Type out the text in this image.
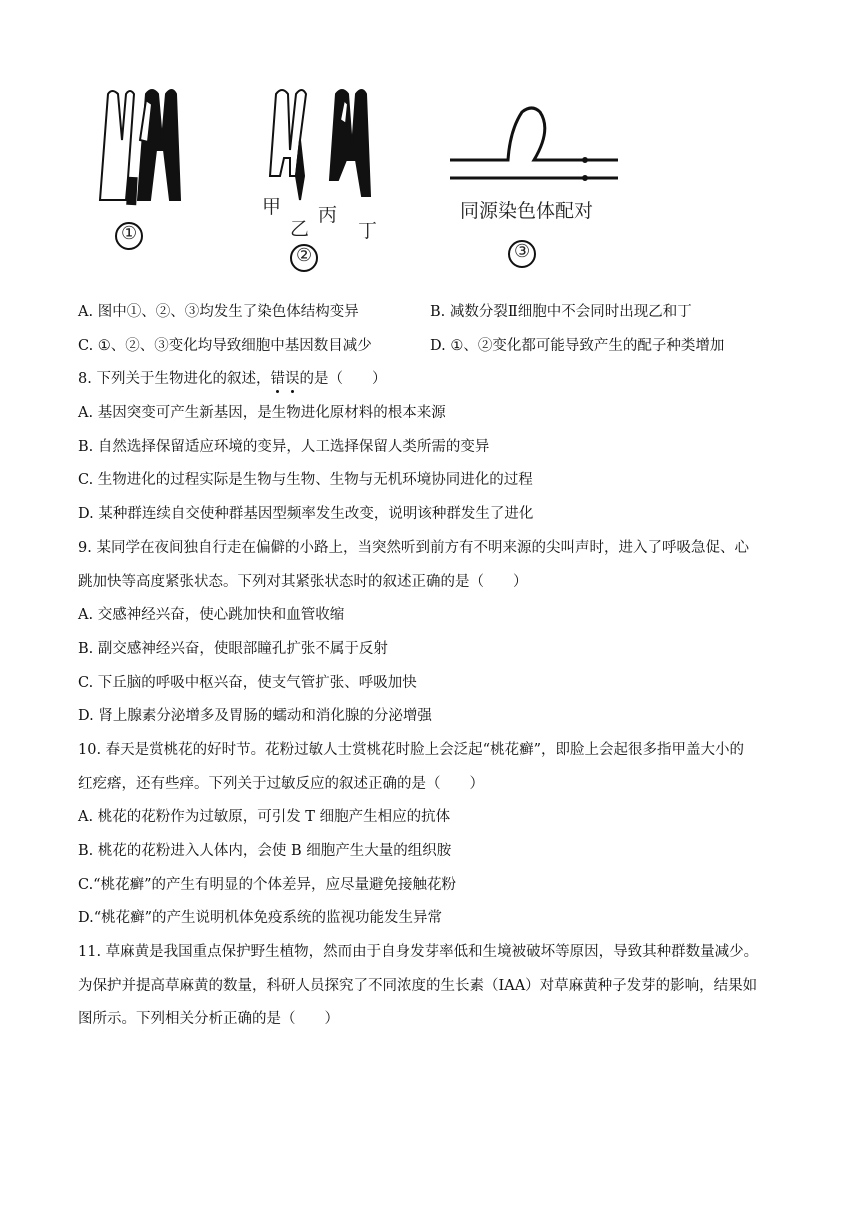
①
②	③
甲
乙
丙
丁
同源染色体配对
A. 图中①、②、③均发生了染色体结构变异	B. 减数分裂Ⅱ细胞中不会同时出现乙和丁
C. ①、②、③变化均导致细胞中基因数目减少	D. ①、②变化都可能导致产生的配子种类增加
8. 下列关于生物进化的叙述，错误的是（　　）
A. 基因突变可产生新基因，是生物进化原材料的根本来源
B. 自然选择保留适应环境的变异，人工选择保留人类所需的变异
C. 生物进化的过程实际是生物与生物、生物与无机环境协同进化的过程
D. 某种群连续自交使种群基因型频率发生改变，说明该种群发生了进化
9. 某同学在夜间独自行走在偏僻的小路上，当突然听到前方有不明来源的尖叫声时，进入了呼吸急促、心
跳加快等高度紧张状态。下列对其紧张状态时的叙述正确的是（　　）
A. 交感神经兴奋，使心跳加快和血管收缩
B. 副交感神经兴奋，使眼部瞳孔扩张不属于反射
C. 下丘脑的呼吸中枢兴奋，使支气管扩张、呼吸加快
D. 肾上腺素分泌增多及胃肠的蠕动和消化腺的分泌增强
10. 春天是赏桃花的好时节。花粉过敏人士赏桃花时脸上会泛起“桃花癣”，即脸上会起很多指甲盖大小的
红疙瘩，还有些痒。下列关于过敏反应的叙述正确的是（　　）
A. 桃花的花粉作为过敏原，可引发 T 细胞产生相应的抗体
B. 桃花的花粉进入人体内，会使 B 细胞产生大量的组织胺
C.“桃花癣”的产生有明显的个体差异，应尽量避免接触花粉
D.“桃花癣”的产生说明机体免疫系统的监视功能发生异常
11. 草麻黄是我国重点保护野生植物，然而由于自身发芽率低和生境被破坏等原因，导致其种群数量减少。
为保护并提高草麻黄的数量，科研人员探究了不同浓度的生长素（IAA）对草麻黄种子发芽的影响，结果如
图所示。下列相关分析正确的是（　　）
